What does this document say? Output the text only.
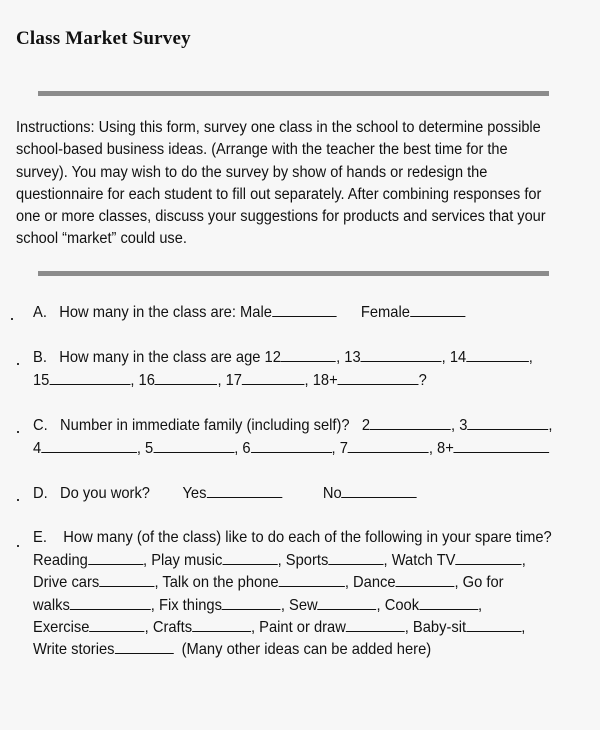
Class Market Survey
Instructions: Using this form, survey one class in the school to determine possible school-based business ideas. (Arrange with the teacher the best time for the survey). You may wish to do the survey by show of hands or redesign the questionnaire for each student to fill out separately. After combining responses for one or more classes, discuss your suggestions for products and services that your school “market” could use.
A. How many in the class are: Male	Female
B. How many in the class are age 12	, 13	, 14	,
15	, 16	, 17	, 18+	?
C. Number in immediate family (including self)? 2	, 3	,
4	, 5	, 6	, 7	, 8+
D. Do you work? Yes	No
E. How many (of the class) like to do each of the following in your spare time?
Reading	, Play music	, Sports	, Watch TV	,
Drive cars	, Talk on the phone	, Dance	, Go for
walks	, Fix things	, Sew	, Cook	,
Exercise	, Crafts	, Paint or draw	, Baby-sit	,
Write stories	(Many other ideas can be added here)
